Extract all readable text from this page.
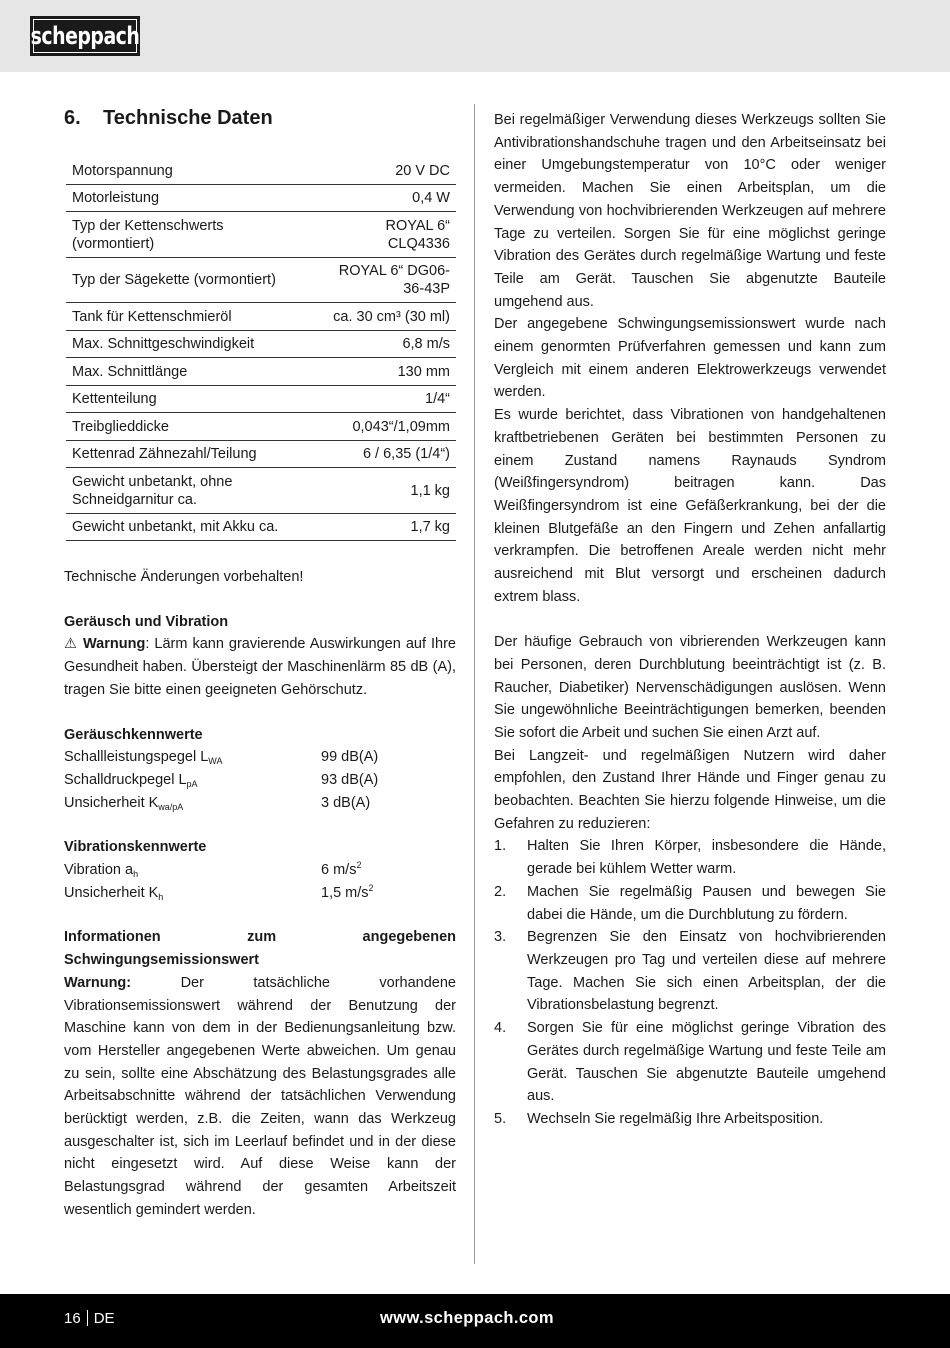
scheppach
6. Technische Daten
Motorspannung	20 V DC
Motorleistung	0,4 W
Typ der Kettenschwerts
(vormontiert)	ROYAL 6“
CLQ4336
Typ der Sägekette (vormontiert)	ROYAL 6“ DG06-
36-43P
Tank für Kettenschmieröl	ca. 30 cm³ (30 ml)
Max. Schnittgeschwindigkeit	6,8 m/s
Max. Schnittlänge	130 mm
Kettenteilung	1/4“
Treibglieddicke	0,043“/1,09mm
Kettenrad Zähnezahl/Teilung	6 / 6,35 (1/4“)
Gewicht unbetankt, ohne
Schneidgarnitur ca.	1,1 kg
Gewicht unbetankt, mit Akku ca.	1,7 kg

Technische Änderungen vorbehalten!

Geräusch und Vibration

⚠ Warnung: Lärm kann gravierende Auswirkungen auf Ihre Gesundheit haben. Übersteigt der Maschinenlärm 85 dB (A), tragen Sie bitte einen geeigneten Gehörschutz.

Geräuschkennwerte

Schallleistungspegel $L_{WA}$	99 dB(A)
Schalldruckpegel $L_{pA}$	93 dB(A)
Unsicherheit $K_{wa/pA}$	3 dB(A)

Vibrationskennwerte

Vibration $a_h$	6 $m/s^2$
Unsicherheit $K_h$	1,5 $m/s^2$

Informationen zum angegebenen Schwingungsemissionswert

Warnung: Der tatsächliche vorhandene Vibrationsemissionswert während der Benutzung der Maschine kann von dem in der Bedienungsanleitung bzw. vom Hersteller angegebenen Werte abweichen. Um genau zu sein, sollte eine Abschätzung des Belastungsgrades alle Arbeitsabschnitte während der tatsächlichen Verwendung berücktigt werden, z.B. die Zeiten, wann das Werkzeug ausgeschalter ist, sich im Leerlauf befindet und in der diese nicht eingesetzt wird. Auf diese Weise kann der Belastungsgrad während der gesamten Arbeitszeit wesentlich gemindert werden.

Bei regelmäßiger Verwendung dieses Werkzeugs sollten Sie Antivibrationshandschuhe tragen und den Arbeitseinsatz bei einer Umgebungstemperatur von 10°C oder weniger vermeiden. Machen Sie einen Arbeitsplan, um die Verwendung von hochvibrierenden Werkzeugen auf mehrere Tage zu verteilen. Sorgen Sie für eine möglichst geringe Vibration des Gerätes durch regelmäßige Wartung und feste Teile am Gerät. Tauschen Sie abgenutzte Bauteile umgehend aus.

Der angegebene Schwingungsemissionswert wurde nach einem genormten Prüfverfahren gemessen und kann zum Vergleich mit einem anderen Elektrowerkzeugs verwendet werden.

Es wurde berichtet, dass Vibrationen von handgehaltenen kraftbetriebenen Geräten bei bestimmten Personen zu einem Zustand namens Raynauds Syndrom (Weißfingersyndrom) beitragen kann. Das Weißfingersyndrom ist eine Gefäßerkrankung, bei der die kleinen Blutgefäße an den Fingern und Zehen anfallartig verkrampfen. Die betroffenen Areale werden nicht mehr ausreichend mit Blut versorgt und erscheinen dadurch extrem blass.

Der häufige Gebrauch von vibrierenden Werkzeugen kann bei Personen, deren Durchblutung beeinträchtigt ist (z. B. Raucher, Diabetiker) Nervenschädigungen auslösen. Wenn Sie ungewöhnliche Beeinträchtigungen bemerken, beenden Sie sofort die Arbeit und suchen Sie einen Arzt auf.

Bei Langzeit- und regelmäßigen Nutzern wird daher empfohlen, den Zustand Ihrer Hände und Finger genau zu beobachten. Beachten Sie hierzu folgende Hinweise, um die Gefahren zu reduzieren:

1.	Halten Sie Ihren Körper, insbesondere die Hände, gerade bei kühlem Wetter warm.
2.	Machen Sie regelmäßig Pausen und bewegen Sie dabei die Hände, um die Durchblutung zu fördern.
3.	Begrenzen Sie den Einsatz von hochvibrierenden Werkzeugen pro Tag und verteilen diese auf mehrere Tage. Machen Sie sich einen Arbeitsplan, der die Vibrationsbelastung begrenzt.
4.	Sorgen Sie für eine möglichst geringe Vibration des Gerätes durch regelmäßige Wartung und feste Teile am Gerät. Tauschen Sie abgenutzte Bauteile umgehend aus.
5.	Wechseln Sie regelmäßig Ihre Arbeitsposition.
16 DE	www.scheppach.com
